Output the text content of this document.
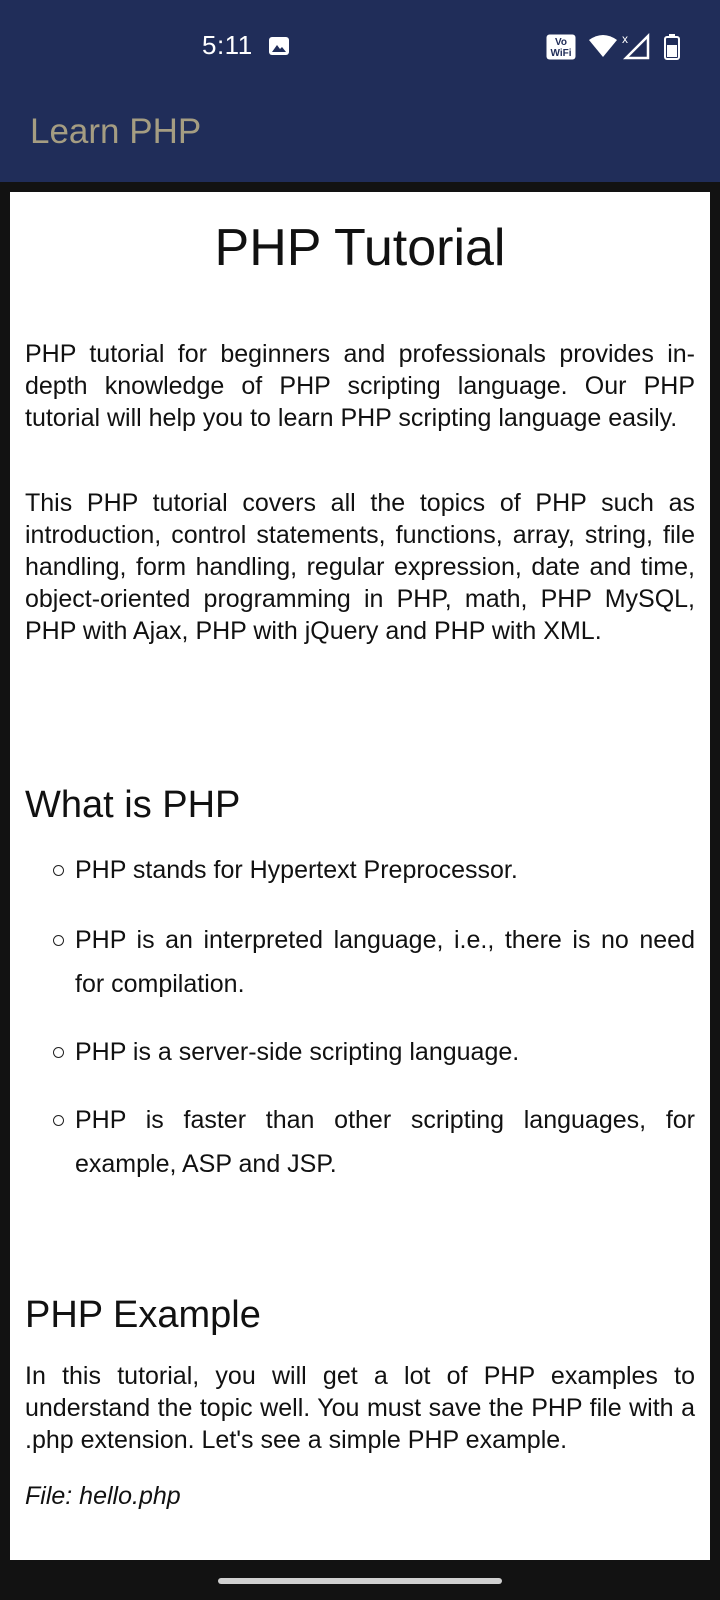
5:11	Vo
WiFi
x
Learn PHP
PHP Tutorial

PHP tutorial for beginners and professionals provides in-depth knowledge of PHP scripting language. Our PHP tutorial will help you to learn PHP scripting language easily.

This PHP tutorial covers all the topics of PHP such as introduction, control statements, functions, array, string, file handling, form handling, regular expression, date and time, object-oriented programming in PHP, math, PHP MySQL, PHP with Ajax, PHP with jQuery and PHP with XML.

What is PHP
PHP stands for Hypertext Preprocessor.
PHP is an interpreted language, i.e., there is no need for compilation.
PHP is a server-side scripting language.
PHP is faster than other scripting languages, for example, ASP and JSP.
PHP Example

In this tutorial, you will get a lot of PHP examples to understand the topic well. You must save the PHP file with a .php extension. Let's see a simple PHP example.

File: hello.php
